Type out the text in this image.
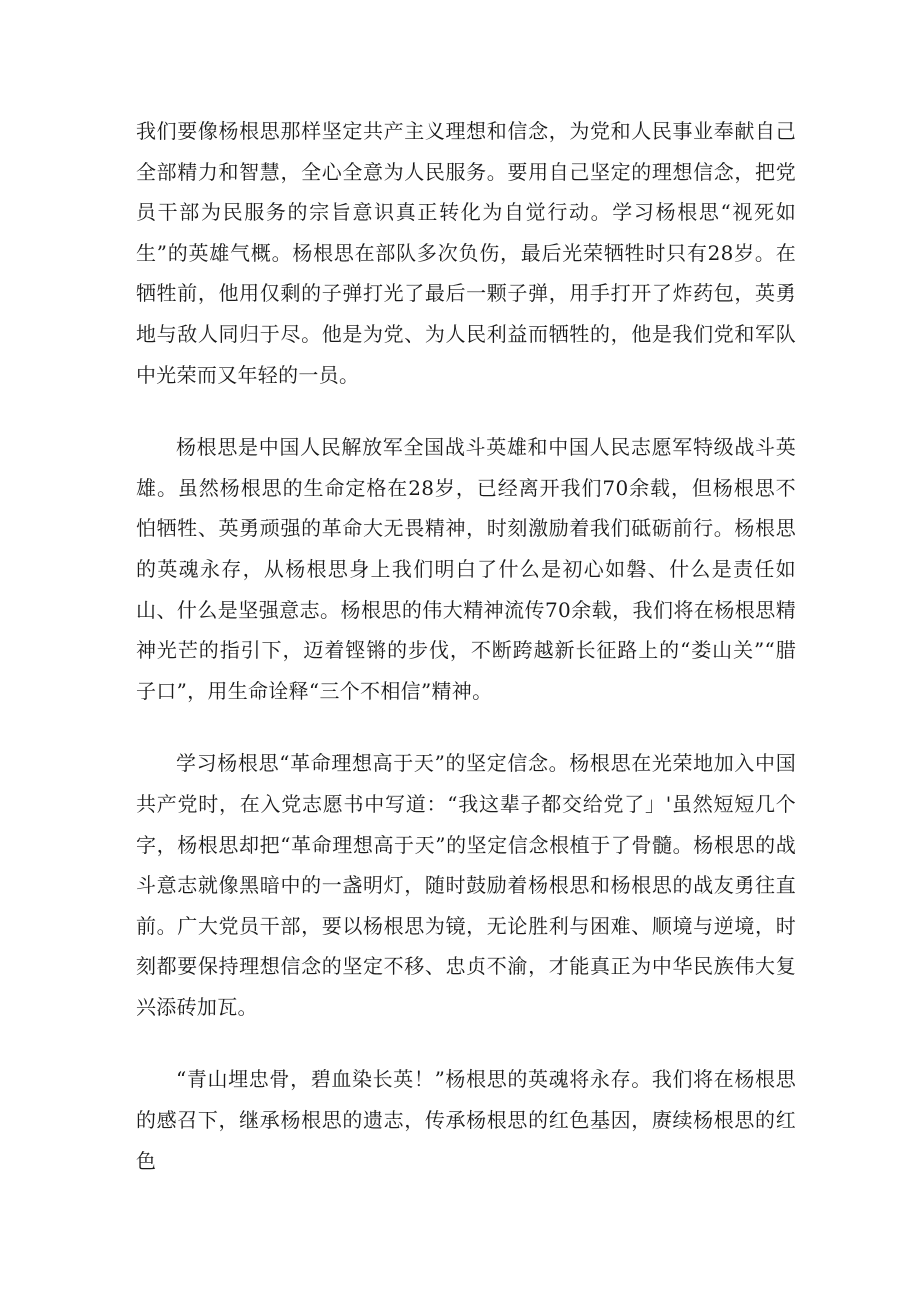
我们要像杨根思那样坚定共产主义理想和信念，为党和人民事业奉献自己全部精力和智慧，全心全意为人民服务。要用自己坚定的理想信念，把党员干部为民服务的宗旨意识真正转化为自觉行动。学习杨根思“视死如生”的英雄气概。杨根思在部队多次负伤，最后光荣牺牲时只有28岁。在牺牲前，他用仅剩的子弹打光了最后一颗子弹，用手打开了炸药包，英勇地与敌人同归于尽。他是为党、为人民利益而牺牲的，他是我们党和军队中光荣而又年轻的一员。

杨根思是中国人民解放军全国战斗英雄和中国人民志愿军特级战斗英雄。虽然杨根思的生命定格在28岁，已经离开我们70余载，但杨根思不怕牺牲、英勇顽强的革命大无畏精神，时刻激励着我们砥砺前行。杨根思的英魂永存，从杨根思身上我们明白了什么是初心如磐、什么是责任如山、什么是坚强意志。杨根思的伟大精神流传70余载，我们将在杨根思精神光芒的指引下，迈着铿锵的步伐，不断跨越新长征路上的“娄山关”“腊子口”，用生命诠释“三个不相信”精神。

学习杨根思“革命理想高于天”的坚定信念。杨根思在光荣地加入中国共产党时，在入党志愿书中写道：“我这辈子都交给党了」'虽然短短几个字，杨根思却把“革命理想高于天”的坚定信念根植于了骨髓。杨根思的战斗意志就像黑暗中的一盏明灯，随时鼓励着杨根思和杨根思的战友勇往直前。广大党员干部，要以杨根思为镜，无论胜利与困难、顺境与逆境，时刻都要保持理想信念的坚定不移、忠贞不渝，才能真正为中华民族伟大复兴添砖加瓦。

“青山埋忠骨，碧血染长英！”杨根思的英魂将永存。我们将在杨根思的感召下，继承杨根思的遗志，传承杨根思的红色基因，赓续杨根思的红色
